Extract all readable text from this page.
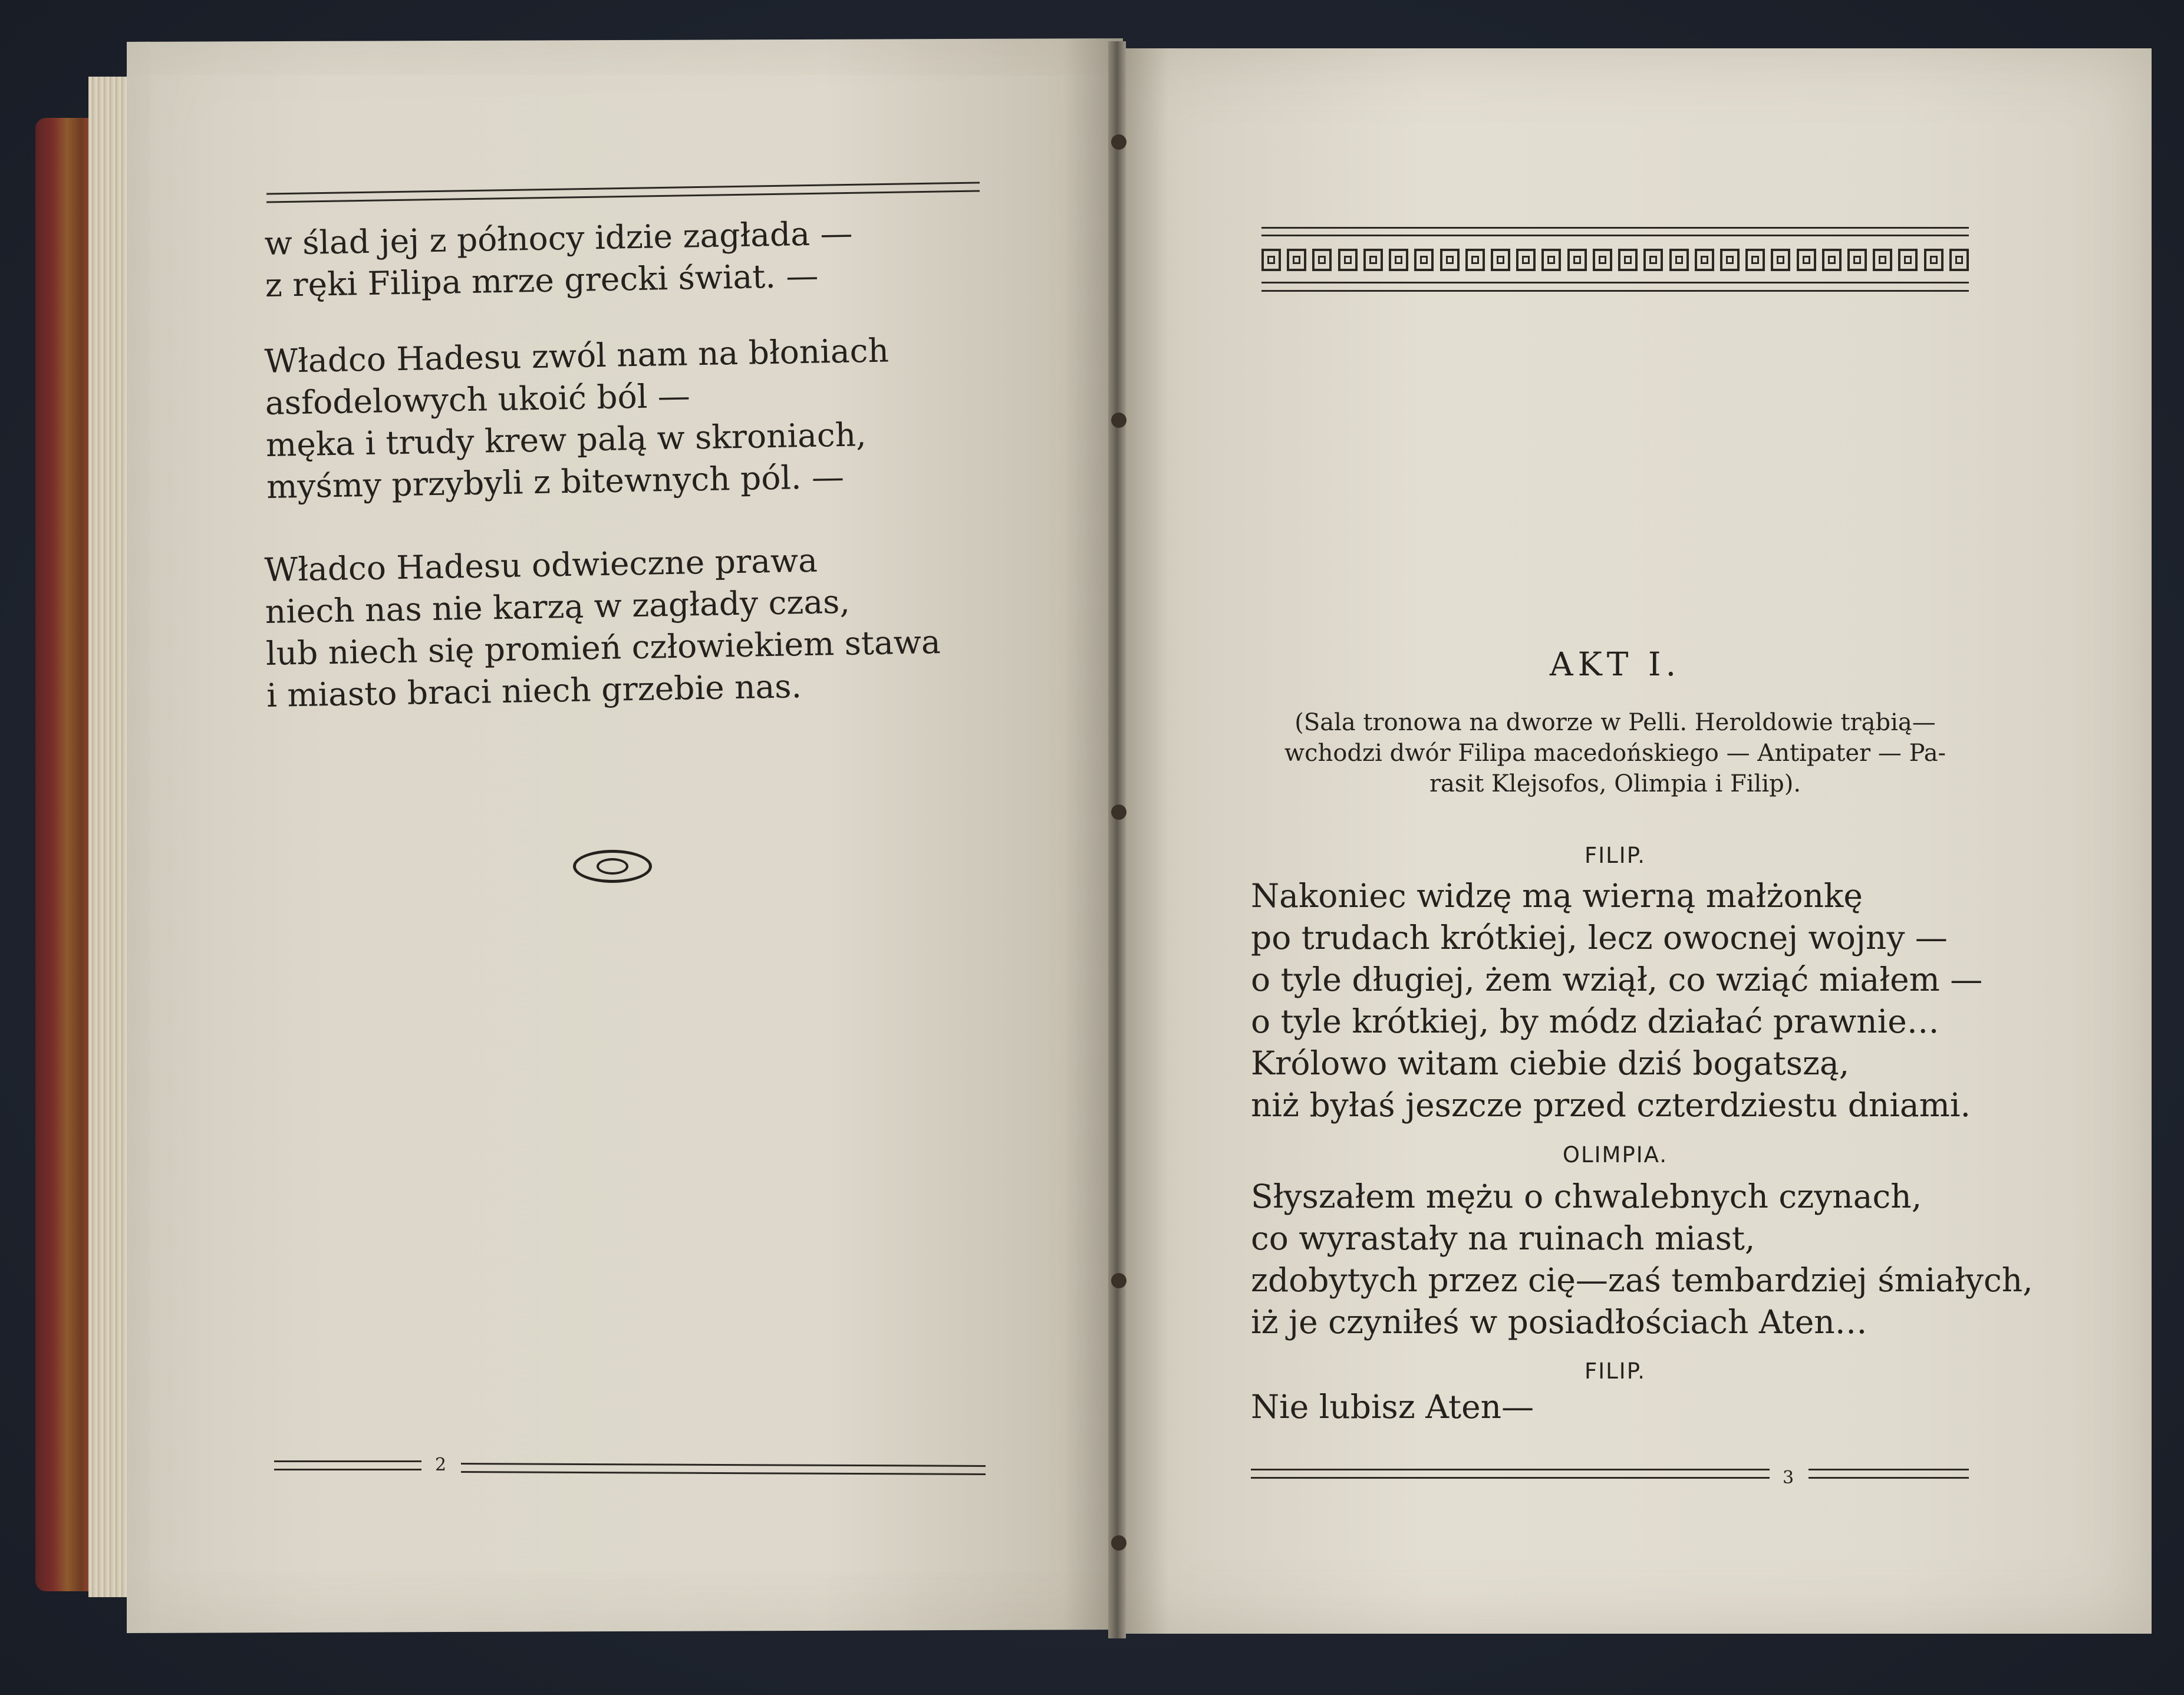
w ślad jej z północy idzie zagłada —
z ręki Filipa mrze grecki świat. —
Władco Hadesu zwól nam na błoniach
asfodelowych ukoić ból —
męka i trudy krew palą w skroniach,
myśmy przybyli z bitewnych pól. —
Władco Hadesu odwieczne prawa
niech nas nie karzą w zagłady czas,
lub niech się promień człowiekiem stawa
i miasto braci niech grzebie nas.
2
AKT I.
(Sala tronowa na dworze w Pelli. Heroldowie trąbią—
wchodzi dwór Filipa macedońskiego — Antipater — Pa-
rasit Klejsofos, Olimpia i Filip).
FILIP.
Nakoniec widzę mą wierną małżonkę
po trudach krótkiej, lecz owocnej wojny —
o tyle długiej, żem wziął, co wziąć miałem —
o tyle krótkiej, by módz działać prawnie…
Królowo witam ciebie dziś bogatszą,
niż byłaś jeszcze przed czterdziestu dniami.
OLIMPIA.
Słyszałem mężu o chwalebnych czynach,
co wyrastały na ruinach miast,
zdobytych przez cię—zaś tembardziej śmiałych,
iż je czyniłeś w posiadłościach Aten…
FILIP.
Nie lubisz Aten—
3
